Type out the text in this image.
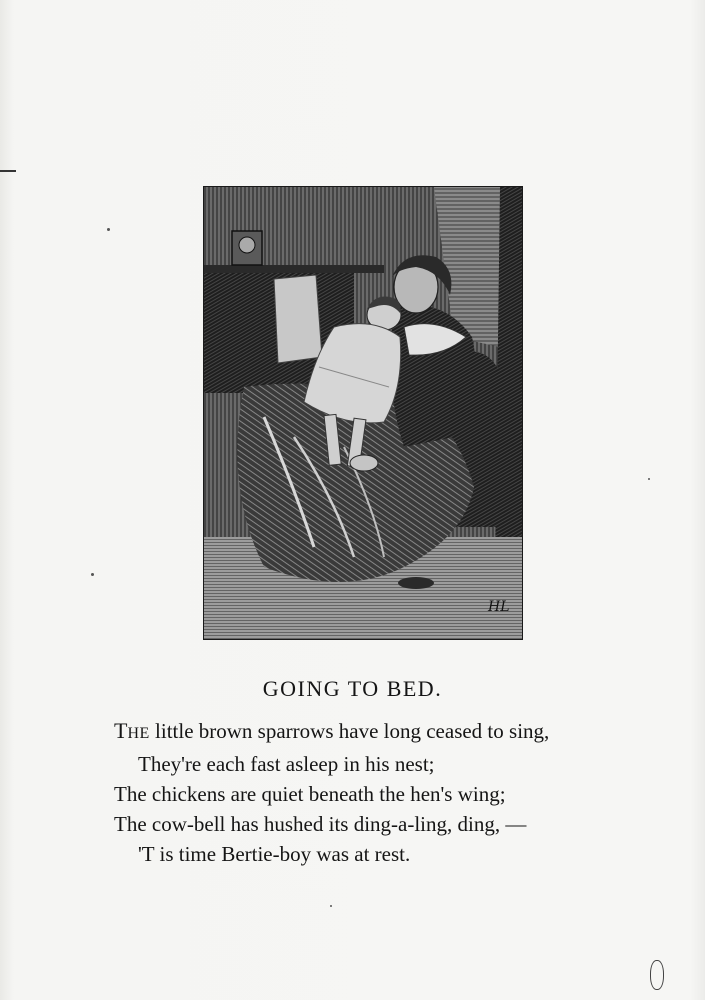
HL
GOING TO BED.
THE little brown sparrows have long ceased to sing,
They're each fast asleep in his nest;
The chickens are quiet beneath the hen's wing;
The cow-bell has hushed its ding-a-ling, ding, —
'T is time Bertie-boy was at rest.
